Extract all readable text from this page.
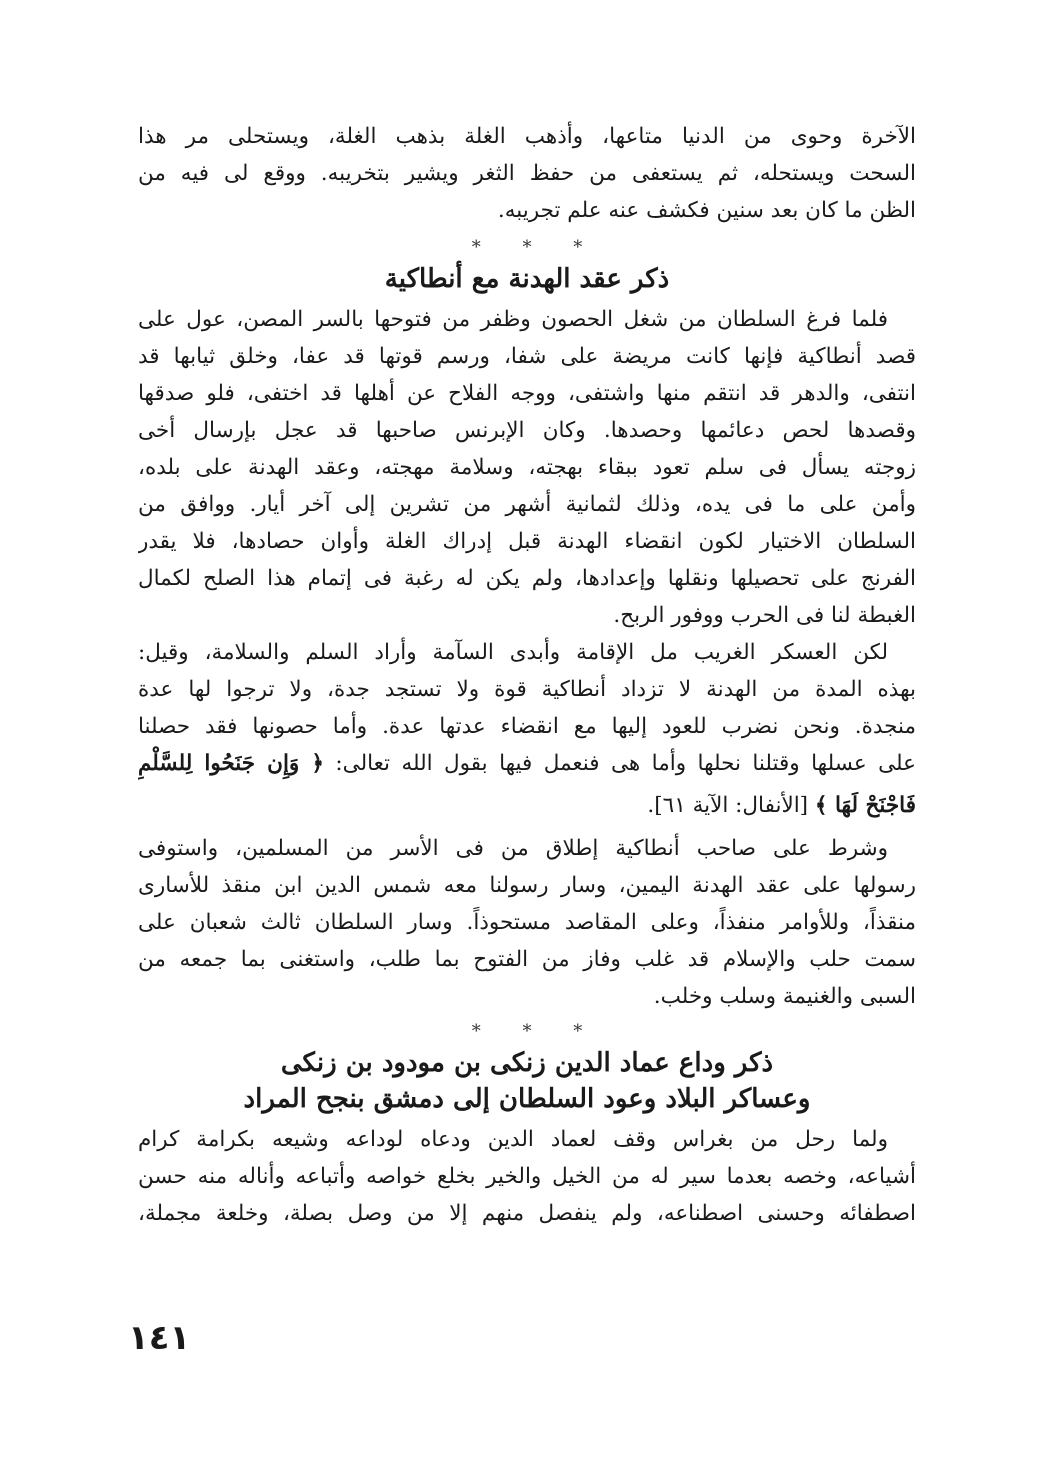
الآخرة وحوى من الدنيا متاعها، وأذهب الغلة بذهب الغلة، ويستحلى مر هذا
السحت ويستحله، ثم يستعفى من حفظ الثغر ويشير بتخريبه. ووقع لى فيه من
الظن ما كان بعد سنين فكشف عنه علم تجريبه.
* * *
ذكر عقد الهدنة مع أنطاكية
فلما فرغ السلطان من شغل الحصون وظفر من فتوحها بالسر المصن، عول على
قصد أنطاكية فإنها كانت مريضة على شفا، ورسم قوتها قد عفا، وخلق ثيابها قد
انتفى، والدهر قد انتقم منها واشتفى، ووجه الفلاح عن أهلها قد اختفى، فلو صدقها
وقصدها لحص دعائمها وحصدها. وكان الإبرنس صاحبها قد عجل بإرسال أخى
زوجته يسأل فى سلم تعود ببقاء بهجته، وسلامة مهجته، وعقد الهدنة على بلده،
وأمن على ما فى يده، وذلك لثمانية أشهر من تشرين إلى آخر أيار. ووافق من
السلطان الاختيار لكون انقضاء الهدنة قبل إدراك الغلة وأوان حصادها، فلا يقدر
الفرنج على تحصيلها ونقلها وإعدادها، ولم يكن له رغبة فى إتمام هذا الصلح لكمال
الغبطة لنا فى الحرب ووفور الربح.
لكن العسكر الغريب مل الإقامة وأبدى السآمة وأراد السلم والسلامة، وقيل:
بهذه المدة من الهدنة لا تزداد أنطاكية قوة ولا تستجد جدة، ولا ترجوا لها عدة
منجدة. ونحن نضرب للعود إليها مع انقضاء عدتها عدة. وأما حصونها فقد حصلنا
على عسلها وقتلنا نحلها وأما هى فنعمل فيها بقول الله تعالى: ﴿ وَإِن جَنَحُوا لِلسَّلْمِ
فَاجْنَحْ لَهَا ﴾ [الأنفال: الآية ٦١].
وشرط على صاحب أنطاكية إطلاق من فى الأسر من المسلمين، واستوفى
رسولها على عقد الهدنة اليمين، وسار رسولنا معه شمس الدين ابن منقذ للأسارى
منقذاً، وللأوامر منفذاً، وعلى المقاصد مستحوذاً. وسار السلطان ثالث شعبان على
سمت حلب والإسلام قد غلب وفاز من الفتوح بما طلب، واستغنى بما جمعه من
السبى والغنيمة وسلب وخلب.
* * *
ذكر وداع عماد الدين زنكى بن مودود بن زنكى
وعساكر البلاد وعود السلطان إلى دمشق بنجح المراد
ولما رحل من بغراس وقف لعماد الدين ودعاه لوداعه وشيعه بكرامة كرام
أشياعه، وخصه بعدما سير له من الخيل والخير بخلع خواصه وأتباعه وأناله منه حسن
اصطفائه وحسنى اصطناعه، ولم ينفصل منهم إلا من وصل بصلة، وخلعة مجملة،
١٤١
